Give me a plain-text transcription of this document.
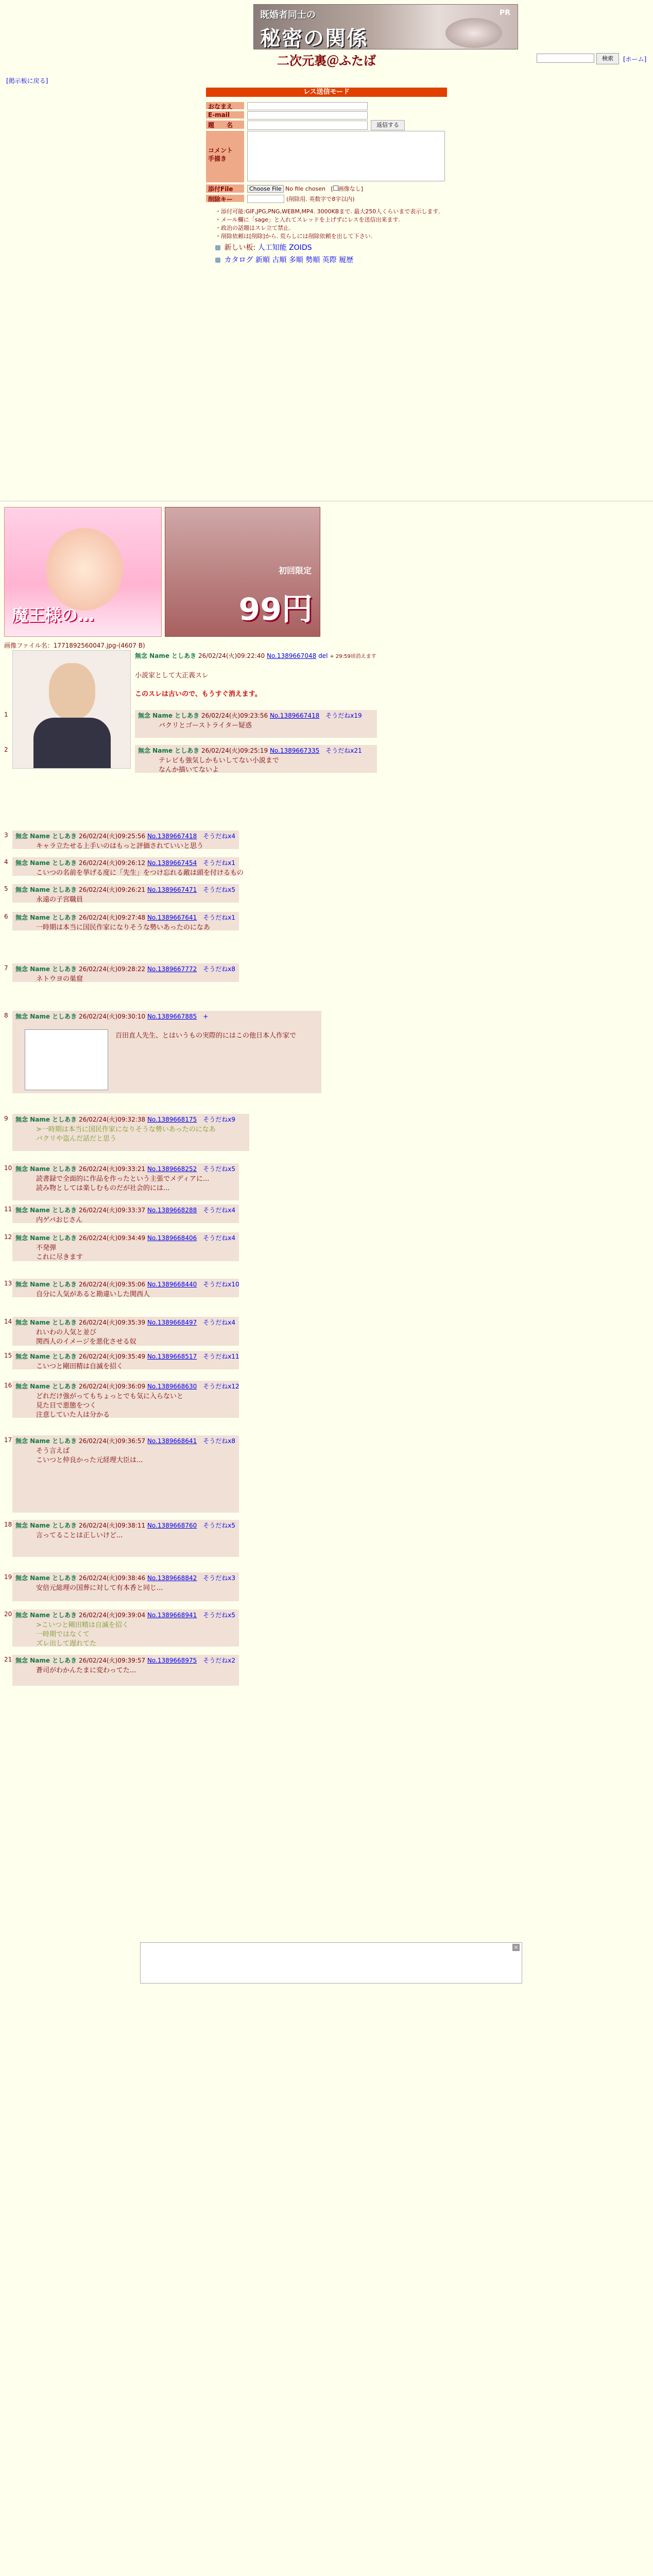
既婚者同士の
秘密の関係
PR
二次元裏＠ふたば	検索	[ホーム]
[掲示板に戻る]
レス送信モード
おなまえ
E-mail
題　　名	返信する
コメント
手描き
添付File	Choose File No file chosen   [ 画像なし]
削除キー	(削除用. 英数字で8字以内)
・添付可能:GIF,JPG,PNG,WEBM,MP4. 3000KBまで. 最大250人くらいまで表示します.
・メール欄に「sage」と入れてスレッドを上げずにレスを送信出来ます.
・政治の話題はスレ立て禁止.
・削除依頼は[削除]から. 荒らしには削除依頼を出して下さい.
新しい板: 人工知能 ZOIDS
カタログ 新順 古順 多順 勢順 英際 履歴
魔王様の…
初回限定
99円
画像ファイル名：1771892560047.jpg-(4607 B)
無念 Name としあき 26/02/24(火)09:22:40 No.1389667048 del + 29:59頃消えます
小説家として大正義スレ
このスレは古いので、もうすぐ消えます。
1	無念 Name としあき 26/02/24(火)09:23:56 No.1389667418　 そうだねx19
バクリとゴーストライター疑惑
2	無念 Name としあき 26/02/24(火)09:25:19 No.1389667335　 そうだねx21
テレビも強気しかもいしてない小説まで
なんか描いてないよ
3 無念 Name としあき 26/02/24(火)09:25:56 No.1389667418　 そうだねx4
キャラ立たせる上手いのはもっと評価されていいと思う
4 無念 Name としあき 26/02/24(火)09:26:12 No.1389667454　 そうだねx1
こいつの名前を挙げる度に「先生」をつけ忘れる敵は頭を付けるもの
5 無念 Name としあき 26/02/24(火)09:26:21 No.1389667471　 そうだねx5
永遠の子宮職員
6 無念 Name としあき 26/02/24(火)09:27:48 No.1389667641　 そうだねx1
一時期は本当に国民作家になりそうな勢いあったのになあ
7 無念 Name としあき 26/02/24(火)09:28:22 No.1389667772　 そうだねx8
ネトウヨの巣窟
8 無念 Name としあき 26/02/24(火)09:30:10 No.1389667885　 +
百田直人先生、とはいうもの実際的にはこの他日本人作家で
9 無念 Name としあき 26/02/24(火)09:32:38 No.1389668175　 そうだねx9
>一時期は本当に国民作家になりそうな勢いあったのになあ
バクリや盗んだ話だと思う
10 無念 Name としあき 26/02/24(火)09:33:21 No.1389668252　 そうだねx5
読書録で全面的に作品を作ったという主張でメディアに...
読み物としては楽しむものだが社会的には...
11 無念 Name としあき 26/02/24(火)09:33:37 No.1389668288　 そうだねx4
内ゲバおじさん
12 無念 Name としあき 26/02/24(火)09:34:49 No.1389668406　 そうだねx4
不発弾
これに尽きます
13 無念 Name としあき 26/02/24(火)09:35:06 No.1389668440　 そうだねx10
自分に人気があると勘違いした関西人
14 無念 Name としあき 26/02/24(火)09:35:39 No.1389668497　 そうだねx4
れいわの人気と並び
関西人のイメージを悪化させる奴
15 無念 Name としあき 26/02/24(火)09:35:49 No.1389668517　 そうだねx11
こいつと剛田精は自滅を招く
16 無念 Name としあき 26/02/24(火)09:36:09 No.1389668630　 そうだねx12
どれだけ強がってもちょっとでも気に入らないと
見た目で悪態をつく
注意していた人は分かる
17 無念 Name としあき 26/02/24(火)09:36:57 No.1389668641　 そうだねx8
そう言えば
こいつと仲良かった元経理大臣は...
18 無念 Name としあき 26/02/24(火)09:38:11 No.1389668760　 そうだねx5
言ってることは正しいけど...
19 無念 Name としあき 26/02/24(火)09:38:46 No.1389668842　 そうだねx3
安倍元総理の国葬に対して有本香と同じ...
20 無念 Name としあき 26/02/24(火)09:39:04 No.1389668941　 そうだねx5
>こいつと剛田精は自滅を招く
一時期ではなくて
ズレ出して遅れてた
21 無念 Name としあき 26/02/24(火)09:39:57 No.1389668975　 そうだねx2
蒼司がわかんたまに変わってた...
×
